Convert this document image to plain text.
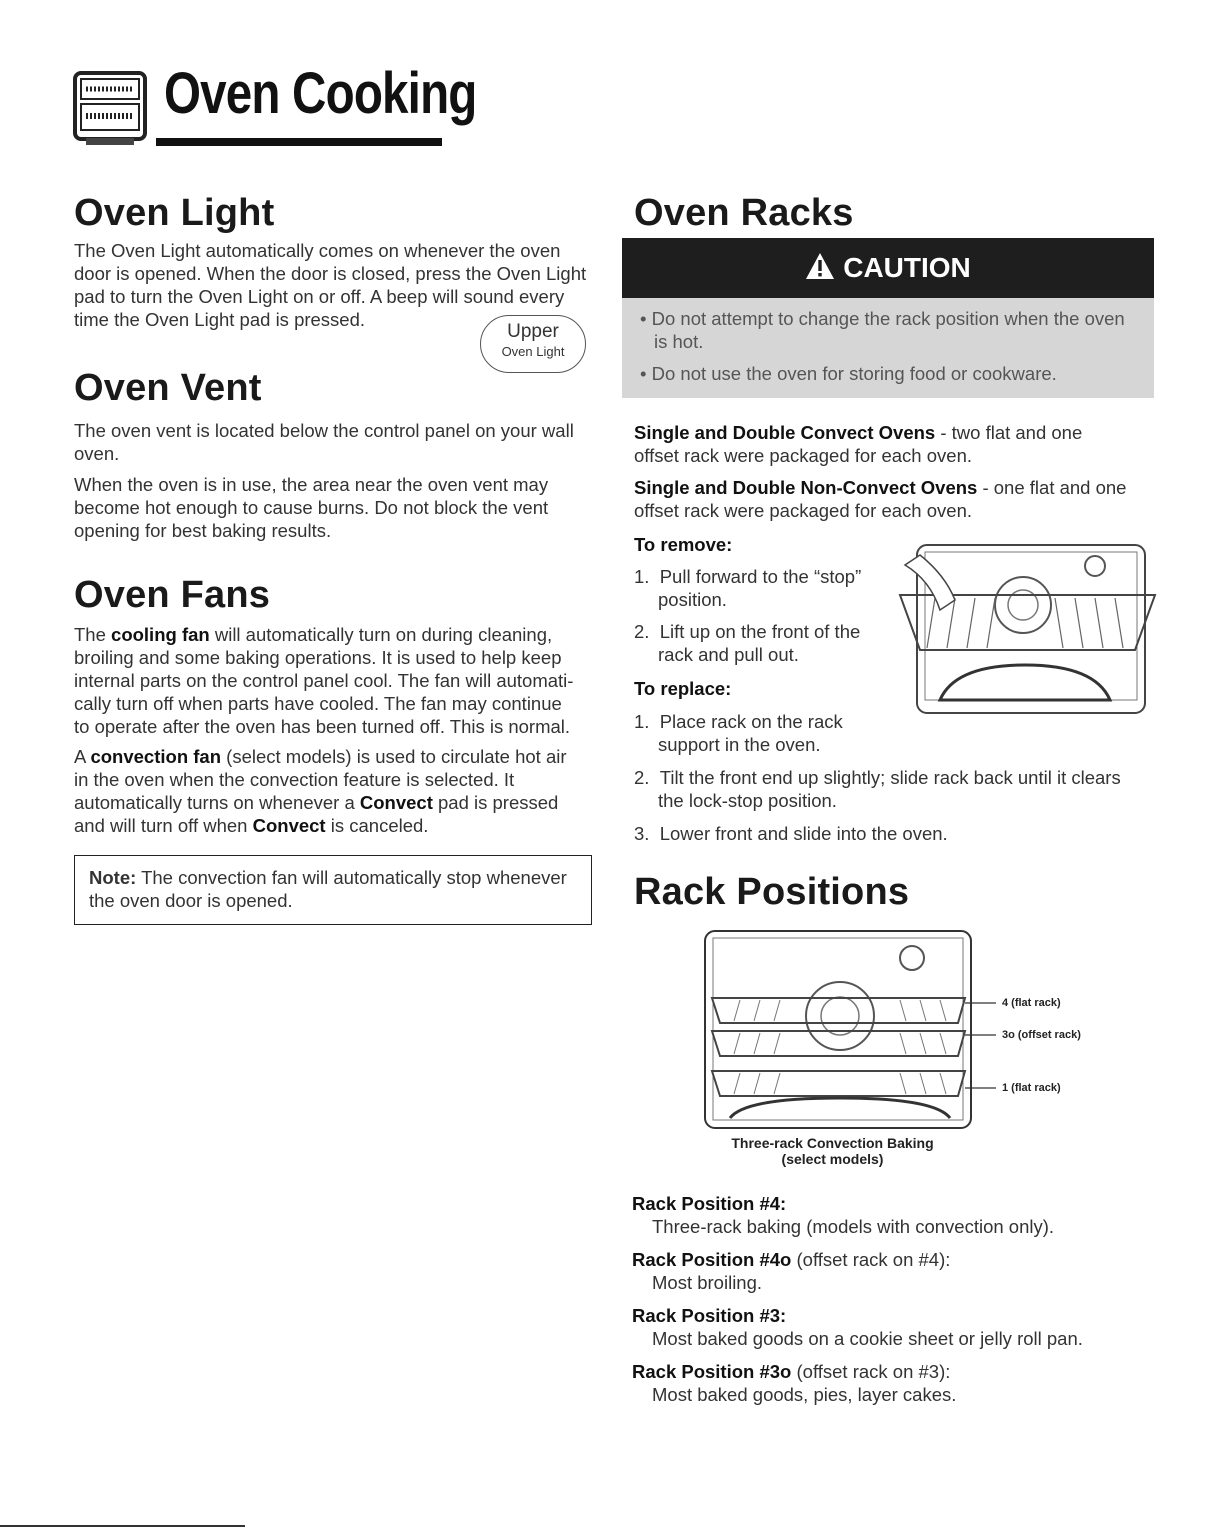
Oven Cooking
Oven Light

The Oven Light automatically comes on whenever the oven
door is opened. When the door is closed, press the Oven Light
pad to turn the Oven Light on or off. A beep will sound every
time the Oven Light pad is pressed.

Upper
Oven Light
Oven Vent

The oven vent is located below the control panel on your wall
oven.

When the oven is in use, the area near the oven vent may
become hot enough to cause burns. Do not block the vent
opening for best baking results.

Oven Fans

The cooling fan will automatically turn on during cleaning,
broiling and some baking operations. It is used to help keep
internal parts on the control panel cool. The fan will automati-
cally turn off when parts have cooled. The fan may continue
to operate after the oven has been turned off. This is normal.

A convection fan (select models) is used to circulate hot air
in the oven when the convection feature is selected. It
automatically turns on whenever a Convect pad is pressed
and will turn off when Convect is canceled.

Note: The convection fan will automatically stop whenever
the oven door is opened.
Oven Racks
CAUTION

• Do not attempt to change the rack position when the oven
is hot.

• Do not use the oven for storing food or cookware.

Single and Double Convect Ovens - two flat and one
offset rack were packaged for each oven.

Single and Double Non-Convect Ovens - one flat and one
offset rack were packaged for each oven.

To remove:

1. Pull forward to the “stop”
position.

2. Lift up on the front of the
rack and pull out.

To replace:

1. Place rack on the rack
support in the oven.

2. Tilt the front end up slightly; slide rack back until it clears
the lock-stop position.

3. Lower front and slide into the oven.

Rack Positions
4 (flat rack)
3o (offset rack)
1 (flat rack)
Three-rack Convection Baking
(select models)

Rack Position #4:
Three-rack baking (models with convection only).

Rack Position #4o (offset rack on #4):
Most broiling.

Rack Position #3:
Most baked goods on a cookie sheet or jelly roll pan.

Rack Position #3o (offset rack on #3):
Most baked goods, pies, layer cakes.
